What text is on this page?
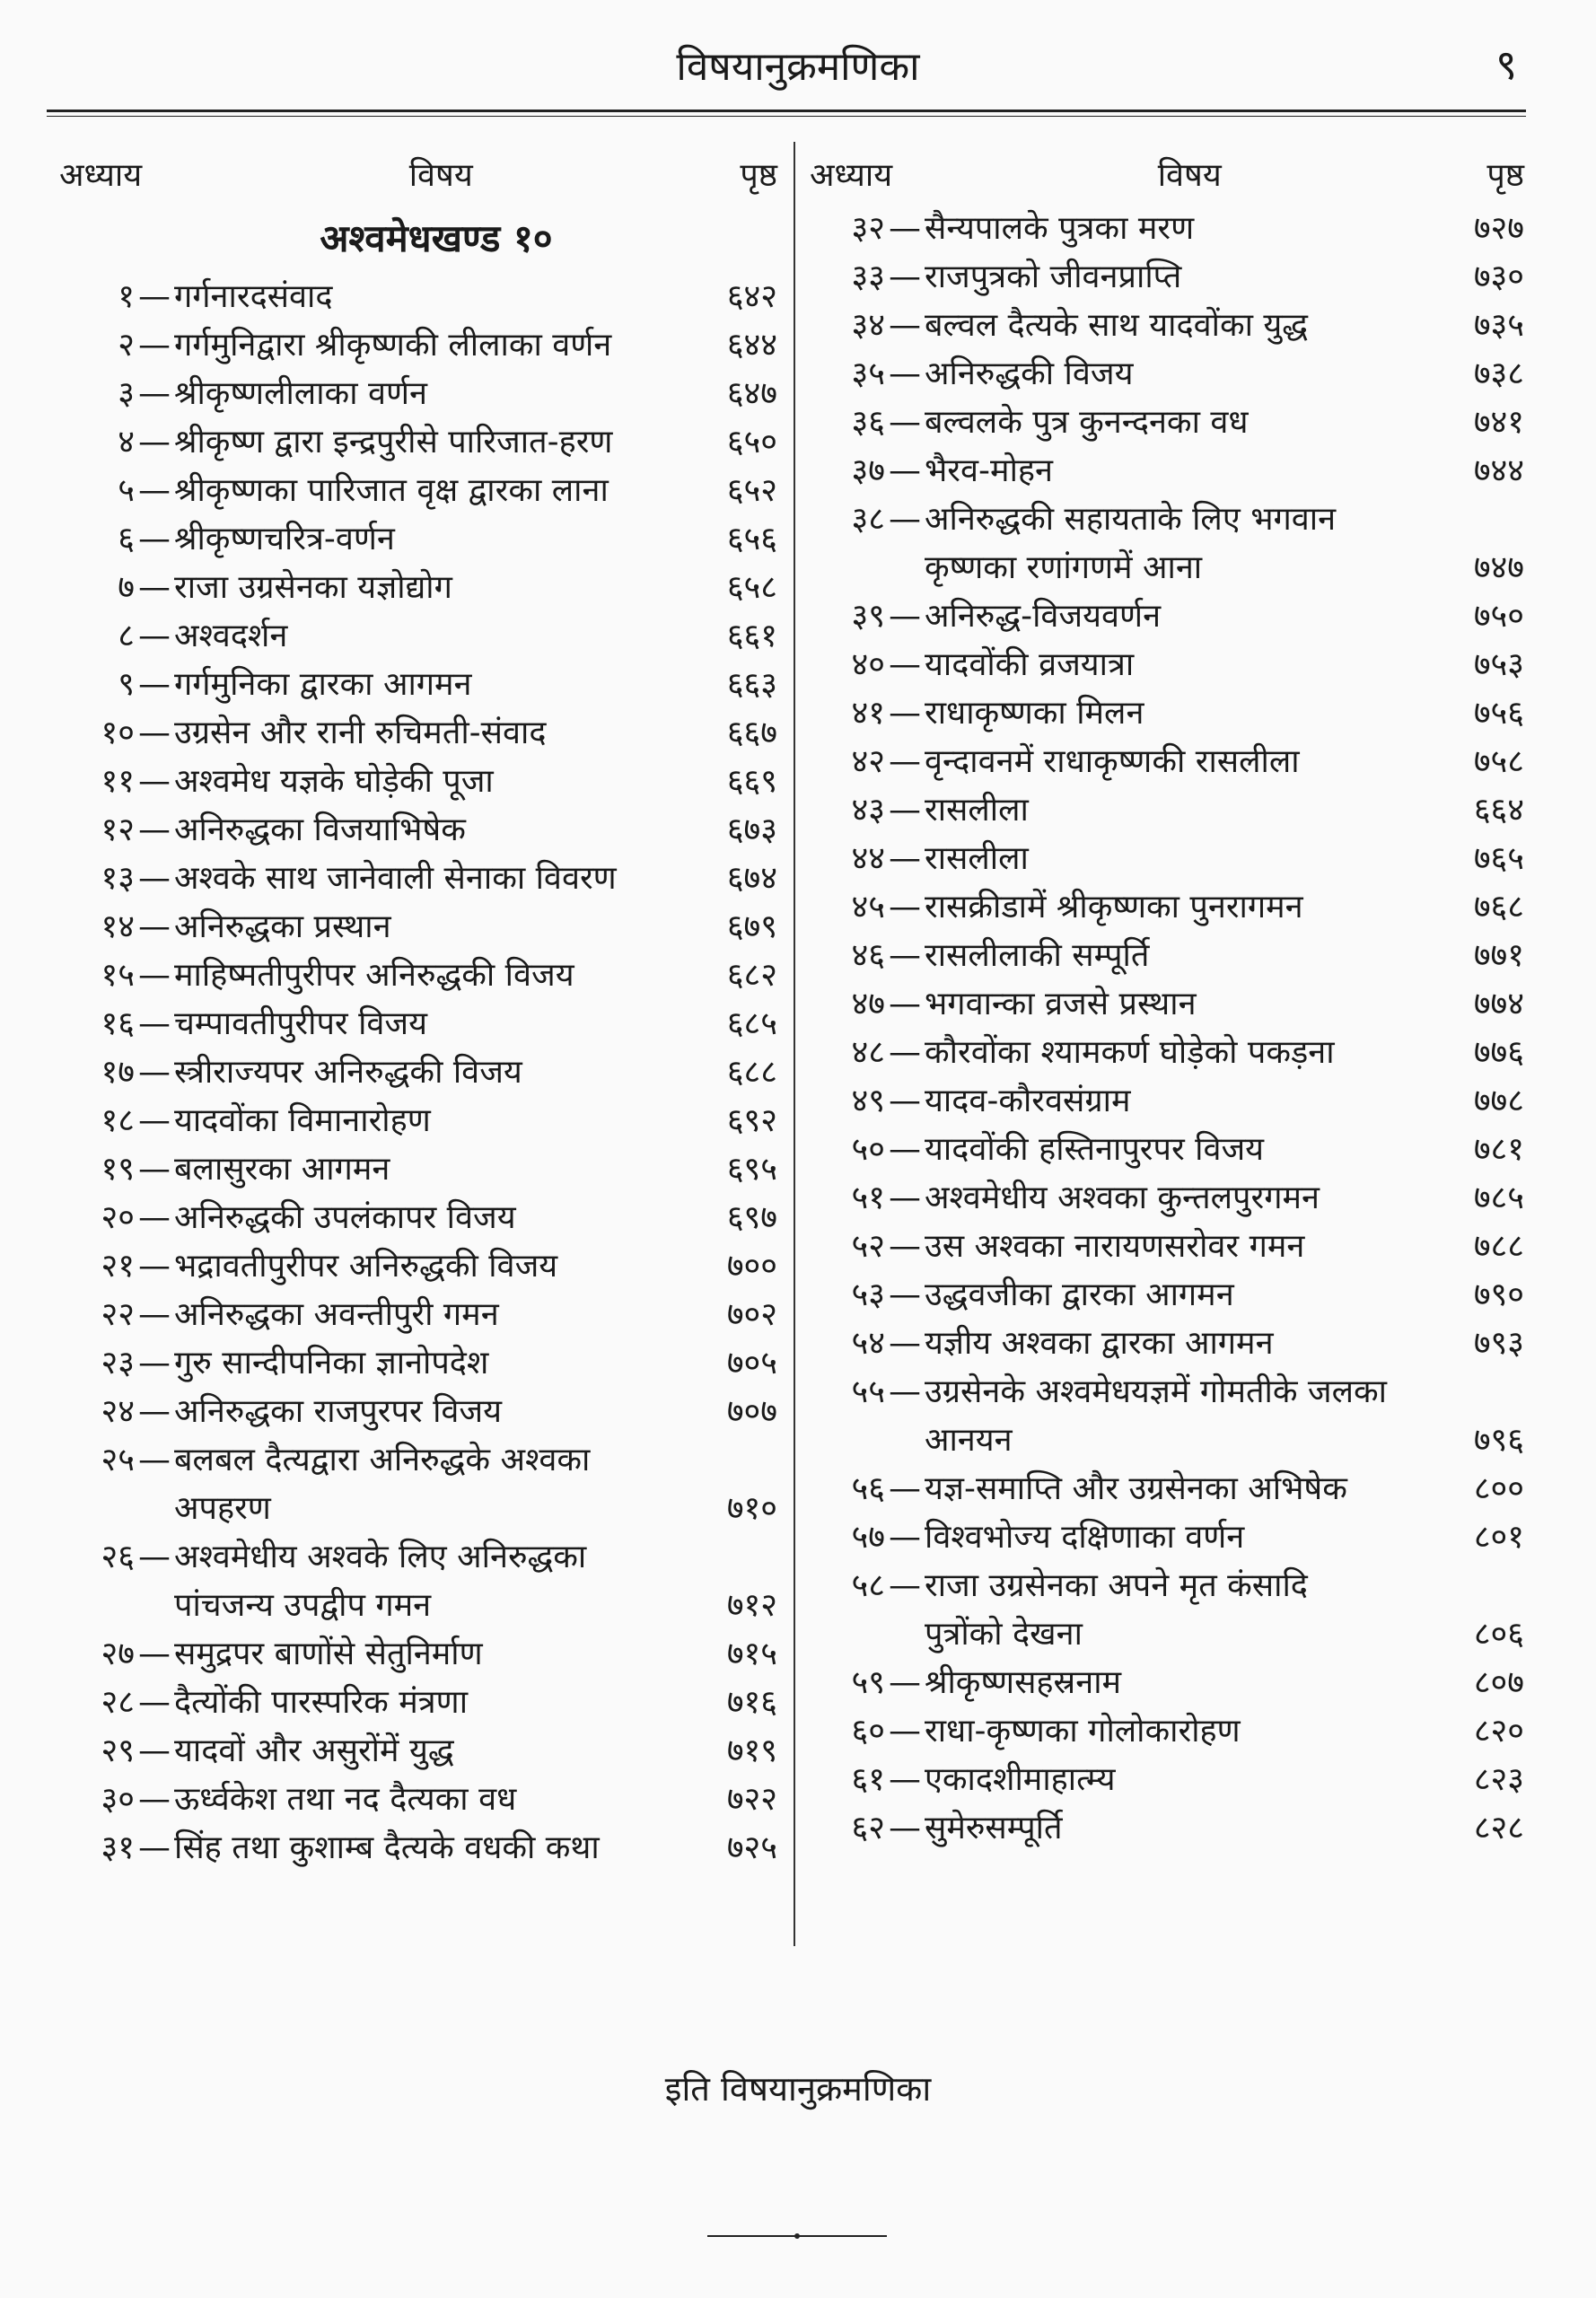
विषयानुक्रमणिका	९
अध्याय	विषय	पृष्ठ
अश्वमेधखण्ड १०
१ — गर्गनारदसंवाद	६४२
२ — गर्गमुनिद्वारा श्रीकृष्णकी लीलाका वर्णन	६४४
३ — श्रीकृष्णलीलाका वर्णन	६४७
४ — श्रीकृष्ण द्वारा इन्द्रपुरीसे पारिजात-हरण	६५०
५ — श्रीकृष्णका पारिजात वृक्ष द्वारका लाना	६५२
६ — श्रीकृष्णचरित्र-वर्णन	६५६
७ — राजा उग्रसेनका यज्ञोद्योग	६५८
८ — अश्वदर्शन	६६१
९ — गर्गमुनिका द्वारका आगमन	६६३
१० — उग्रसेन और रानी रुचिमती-संवाद	६६७
११ — अश्वमेध यज्ञके घोड़ेकी पूजा	६६९
१२ — अनिरुद्धका विजयाभिषेक	६७३
१३ — अश्वके साथ जानेवाली सेनाका विवरण	६७४
१४ — अनिरुद्धका प्रस्थान	६७९
१५ — माहिष्मतीपुरीपर अनिरुद्धकी विजय	६८२
१६ — चम्पावतीपुरीपर विजय	६८५
१७ — स्त्रीराज्यपर अनिरुद्धकी विजय	६८८
१८ — यादवोंका विमानारोहण	६९२
१९ — बलासुरका आगमन	६९५
२० — अनिरुद्धकी उपलंकापर विजय	६९७
२१ — भद्रावतीपुरीपर अनिरुद्धकी विजय	७००
२२ — अनिरुद्धका अवन्तीपुरी गमन	७०२
२३ — गुरु सान्दीपनिका ज्ञानोपदेश	७०५
२४ — अनिरुद्धका राजपुरपर विजय	७०७
२५ — बलबल दैत्यद्वारा अनिरुद्धके अश्वका
अपहरण	७१०
२६ — अश्वमेधीय अश्वके लिए अनिरुद्धका
पांचजन्य उपद्वीप गमन	७१२
२७ — समुद्रपर बाणोंसे सेतुनिर्माण	७१५
२८ — दैत्योंकी पारस्परिक मंत्रणा	७१६
२९ — यादवों और असुरोंमें युद्ध	७१९
३० — ऊर्ध्वकेश तथा नद दैत्यका वध	७२२
३१ — सिंह तथा कुशाम्ब दैत्यके वधकी कथा	७२५
अध्याय	विषय	पृष्ठ
३२ — सैन्यपालके पुत्रका मरण	७२७
३३ — राजपुत्रको जीवनप्राप्ति	७३०
३४ — बल्वल दैत्यके साथ यादवोंका युद्ध	७३५
३५ — अनिरुद्धकी विजय	७३८
३६ — बल्वलके पुत्र कुनन्दनका वध	७४१
३७ — भैरव-मोहन	७४४
३८ — अनिरुद्धकी सहायताके लिए भगवान
कृष्णका रणांगणमें आना	७४७
३९ — अनिरुद्ध-विजयवर्णन	७५०
४० — यादवोंकी व्रजयात्रा	७५३
४१ — राधाकृष्णका मिलन	७५६
४२ — वृन्दावनमें राधाकृष्णकी रासलीला	७५८
४३ — रासलीला	६६४
४४ — रासलीला	७६५
४५ — रासक्रीडामें श्रीकृष्णका पुनरागमन	७६८
४६ — रासलीलाकी सम्पूर्ति	७७१
४७ — भगवान्का व्रजसे प्रस्थान	७७४
४८ — कौरवोंका श्यामकर्ण घोड़ेको पकड़ना	७७६
४९ — यादव-कौरवसंग्राम	७७८
५० — यादवोंकी हस्तिनापुरपर विजय	७८१
५१ — अश्वमेधीय अश्वका कुन्तलपुरगमन	७८५
५२ — उस अश्वका नारायणसरोवर गमन	७८८
५३ — उद्धवजीका द्वारका आगमन	७९०
५४ — यज्ञीय अश्वका द्वारका आगमन	७९३
५५ — उग्रसेनके अश्वमेधयज्ञमें गोमतीके जलका
आनयन	७९६
५६ — यज्ञ-समाप्ति और उग्रसेनका अभिषेक	८००
५७ — विश्वभोज्य दक्षिणाका वर्णन	८०१
५८ — राजा उग्रसेनका अपने मृत कंसादि
पुत्रोंको देखना	८०६
५९ — श्रीकृष्णसहस्रनाम	८०७
६० — राधा-कृष्णका गोलोकारोहण	८२०
६१ — एकादशीमाहात्म्य	८२३
६२ — सुमेरुसम्पूर्ति	८२८
इति विषयानुक्रमणिका
